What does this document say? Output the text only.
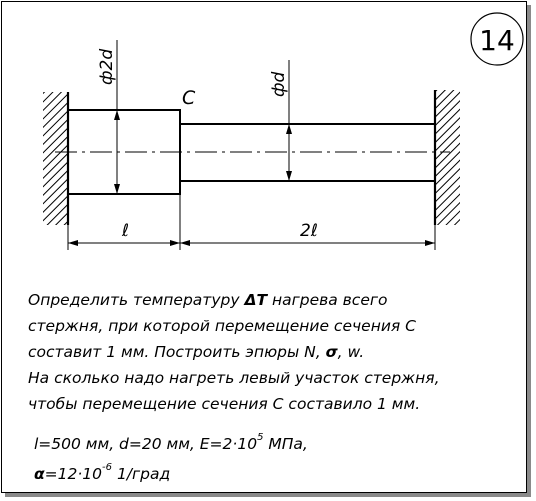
14
ф2d	фd
C
ℓ	2ℓ
Определить температуру ΔT нагрева всего
стержня, при которой перемещение сечения С
составит 1 мм. Построить эпюры N, σ, w.
На сколько надо нагреть левый участок стержня,
чтобы перемещение сечения С составило 1 мм.
l=500 мм, d=20 мм, $E=2\cdot 10^5$ МПа,
$\alpha=12\cdot 10^{-6}$ 1/град
